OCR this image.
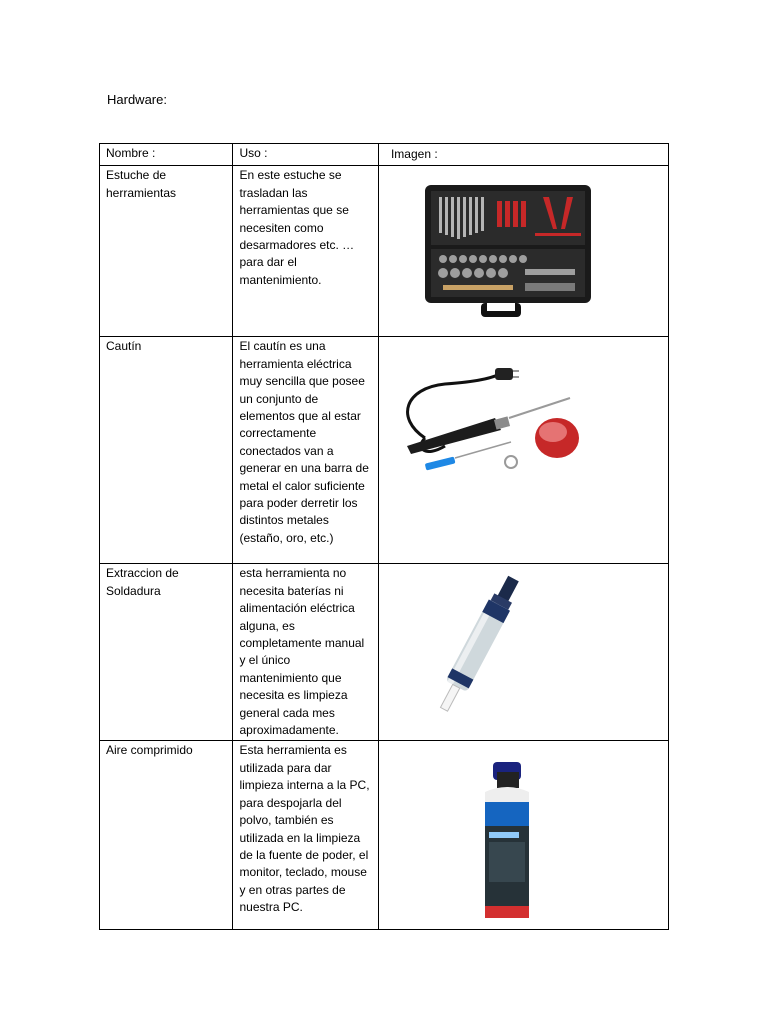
Hardware:
Nombre :	Uso :	Imagen :

Estuche de herramientas	En este estuche se trasladan las herramientas que se necesiten como desarmadores etc. … para dar el mantenimiento.	

Cautín	El cautín es una herramienta eléctrica muy sencilla que posee un conjunto de elementos que al estar correctamente conectados van a generar en una barra de metal el calor suficiente para poder derretir los distintos metales (estaño, oro, etc.)	

Extraccion de Soldadura	esta herramienta no necesita baterías ni alimentación eléctrica alguna, es completamente manual y el único mantenimiento que necesita es limpieza general cada mes aproximadamente.	

Aire comprimido	Esta herramienta es utilizada para dar limpieza interna a la PC, para despojarla del polvo, también es utilizada en la limpieza de la fuente de poder, el monitor, teclado, mouse y en otras partes de nuestra PC.	
